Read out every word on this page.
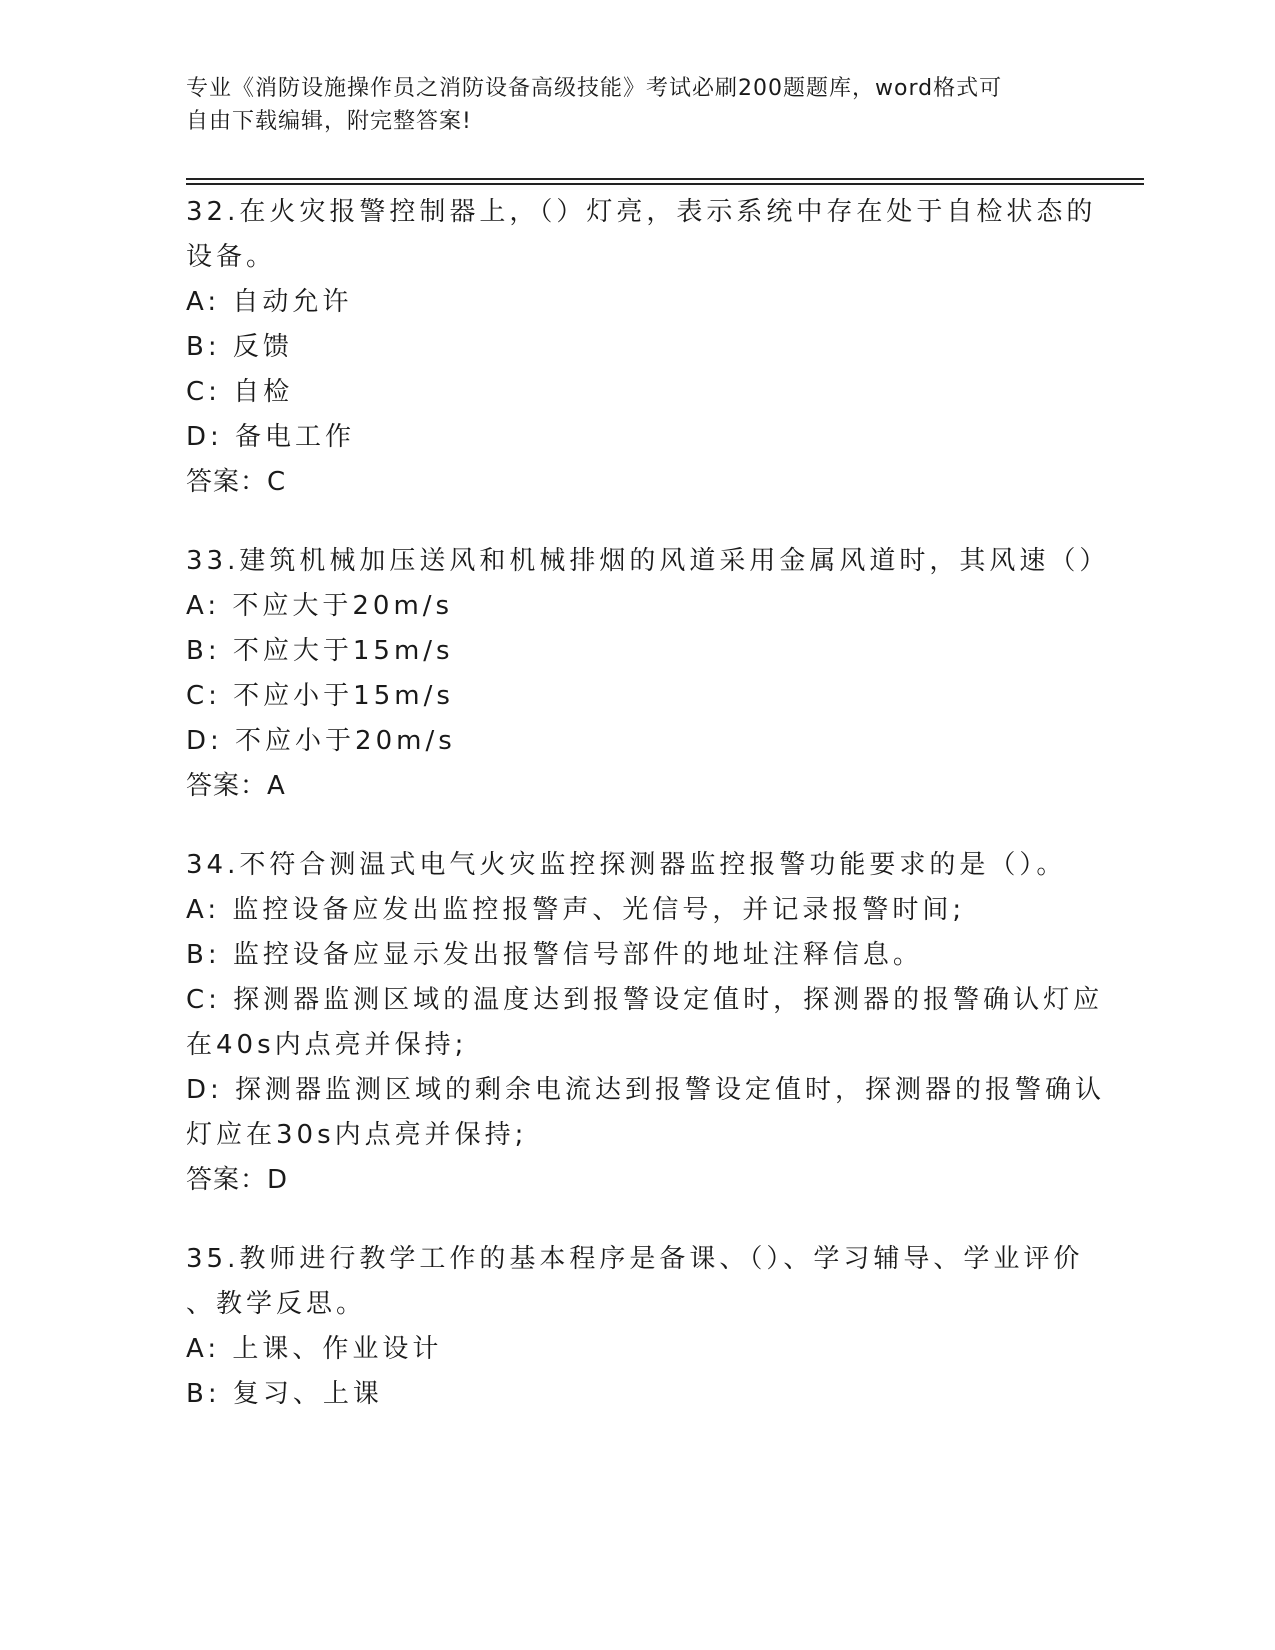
专业《消防设施操作员之消防设备高级技能》考试必刷200题题库，word格式可
自由下载编辑，附完整答案!
32.在火灾报警控制器上，（）灯亮，表示系统中存在处于自检状态的
设备。
A: 自动允许
B: 反馈
C: 自检
D: 备电工作
答案：C
33.建筑机械加压送风和机械排烟的风道采用金属风道时，其风速（）
A: 不应大于20m/s
B: 不应大于15m/s
C: 不应小于15m/s
D: 不应小于20m/s
答案：A
34.不符合测温式电气火灾监控探测器监控报警功能要求的是（）。
A: 监控设备应发出监控报警声、光信号，并记录报警时间;
B: 监控设备应显示发出报警信号部件的地址注释信息。
C: 探测器监测区域的温度达到报警设定值时，探测器的报警确认灯应
在40s内点亮并保持;
D: 探测器监测区域的剩余电流达到报警设定值时，探测器的报警确认
灯应在30s内点亮并保持;
答案：D
35.教师进行教学工作的基本程序是备课、（）、学习辅导、学业评价
、教学反思。
A: 上课、作业设计
B: 复习、上课
